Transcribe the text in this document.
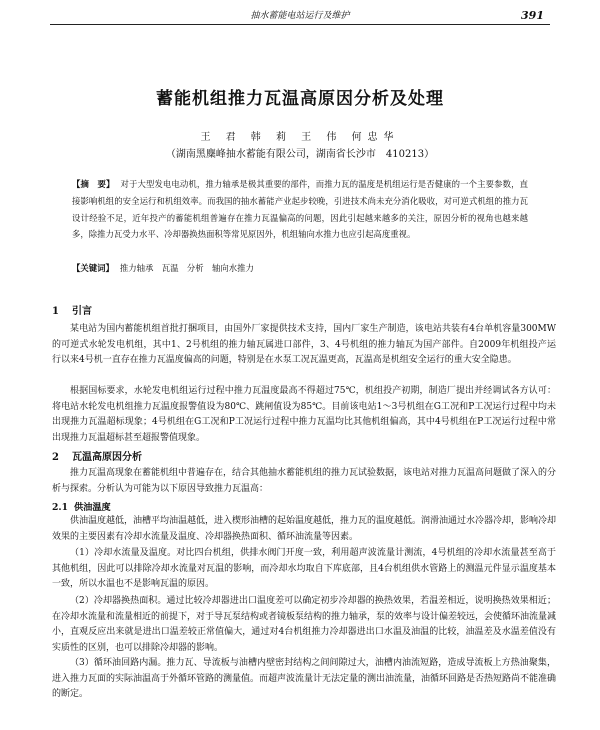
抽水蓄能电站运行及维护	391
蓄能机组推力瓦温高原因分析及处理
王 君 韩 莉 王 伟 何忠华
（湖南黑麋峰抽水蓄能有限公司，湖南省长沙市　410213）
【摘　要】 对于大型发电电动机，推力轴承是极其重要的部件，而推力瓦的温度是机组运行是否健康的一个主要参数，直接影响机组的安全运行和机组效率。而我国的抽水蓄能产业起步较晚，引进技术尚未充分消化吸收，对可逆式机组的推力瓦设计经验不足，近年投产的蓄能机组普遍存在推力瓦温偏高的问题，因此引起越来越多的关注，原因分析的视角也越来越多，除推力瓦受力水平、冷却器换热面积等常见原因外，机组轴向水推力也应引起高度重视。
【关键词】 推力轴承　瓦温　分析　轴向水推力
1 引言
某电站为国内蓄能机组首批打捆项目，由国外厂家提供技术支持，国内厂家生产制造，该电站共装有4台单机容量300MW的可逆式水轮发电机组，其中1、2号机组的推力轴瓦属进口部件，3、4号机组的推力轴瓦为国产部件。自2009年机组投产运行以来4号机一直存在推力瓦温度偏高的问题，特别是在水泵工况瓦温更高，瓦温高是机组安全运行的重大安全隐患。
根据国标要求，水轮发电机组运行过程中推力瓦温度最高不得超过75℃，机组投产初期，制造厂提出并经调试各方认可：将电站水轮发电机组推力瓦温度报警值设为80℃、跳闸值设为85℃。目前该电站1～3号机组在G工况和P工况运行过程中均未出现推力瓦温超标现象；4号机组在G工况和P工况运行过程中推力瓦温均比其他机组偏高，其中4号机组在P工况运行过程中常出现推力瓦温超标甚至超报警值现象。
2 瓦温高原因分析
推力瓦温高现象在蓄能机组中普遍存在，结合其他抽水蓄能机组的推力瓦试验数据，该电站对推力瓦温高问题做了深入的分析与探索。分析认为可能为以下原因导致推力瓦温高：
2.1 供油温度
供油温度越低，油槽平均油温越低，进入楔形油槽的起始温度越低，推力瓦的温度越低。润滑油通过水冷器冷却，影响冷却效果的主要因素有冷却水流量及温度、冷却器换热面积、循环油流量等因素。
（1）冷却水流量及温度。对比四台机组，供排水阀门开度一致，利用超声波流量计测流，4号机组的冷却水流量甚至高于其他机组，因此可以排除冷却水流量对瓦温的影响，而冷却水均取自下库底部，且4台机组供水管路上的测温元件显示温度基本一致，所以水温也不是影响瓦温的原因。
（2）冷却器换热面积。通过比较冷却器进出口温度差可以确定初步冷却器的换热效果，若温差相近，说明换热效果相近；在冷却水流量和流量相近的前提下，对于导瓦泵结构或者镜板泵结构的推力轴承，泵的效率与设计偏差较远，会使循环油流量减小，直观反应出来就是进出口温差较正常值偏大，通过对4台机组推力冷却器进出口水温及油温的比较，油温差及水温差值没有实质性的区别，也可以排除冷却器的影响。
（3）循环油回路内漏。推力瓦、导流板与油槽内壁密封结构之间间隙过大，油槽内油流短路，造成导流板上方热油聚集，进入推力瓦面的实际油温高于外循环管路的测量值。而超声波流量计无法定量的测出油流量，油循环回路是否热短路尚不能准确的断定。
